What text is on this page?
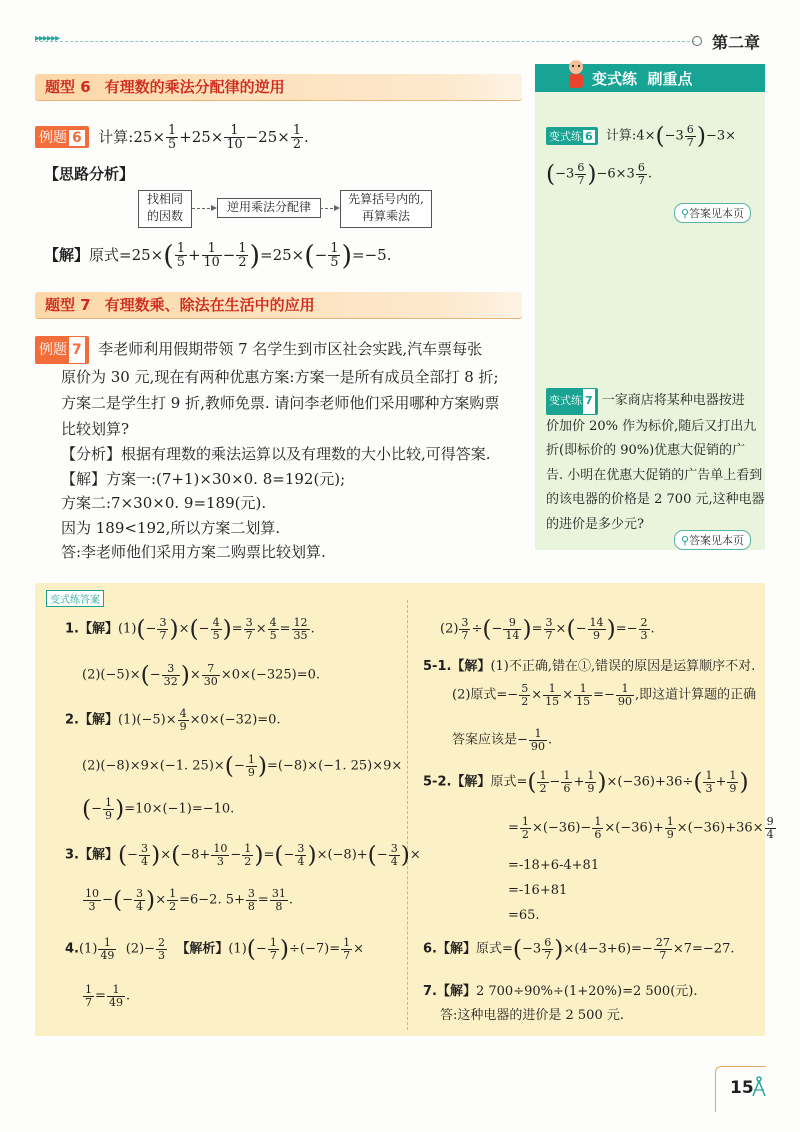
▸▸▸▸▸▸	第二章
题型 6 有理数的乘法分配律的逆用
例题 6 计算:25× $\frac{1}{5} +25\times \frac{1}{10} -25\times \frac{1}{2}$ .
【思路分析】
找相同
的因数
逆用乘法分配律
先算括号内的,
再算乘法
【解】原式$=25\times( \frac{1}{5} + \frac{1}{10} - \frac{1}{2} )=25\times(- \frac{1}{5} )=-5$.
题型 7 有理数乘、除法在生活中的应用
例题 7 李老师利用假期带领 7 名学生到市区社会实践,汽车票每张
原价为 30 元,现在有两种优惠方案:方案一是所有成员全部打 8 折;
方案二是学生打 9 折,教师免票. 请问李老师他们采用哪种方案购票
比较划算?
【分析】根据有理数的乘法运算以及有理数的大小比较,可得答案.
【解】方案一:(7+1)×30×0. 8=192(元);
方案二:7×30×0. 9=189(元).
因为 189<192,所以方案二划算.
答:李老师他们采用方案二购票比较划算.
变式练  刷重点
变式练 6 计算:4×(−3 $\frac{6}{7} )-3\times$
$(-3 \frac{6}{7} )-6\times 3 \frac{6}{7}$ .
⚲答案见本页
变式练 7 一家商店将某种电器按进
价加价 20% 作为标价,随后又打出九
折(即标价的 90%)优惠大促销的广
告. 小明在优惠大促销的广告单上看到
的该电器的价格是 2 700 元,这种电器
的进价是多少元?
⚲答案见本页
变式练答案
1.【解】$(1)(- \frac{3}{7}$ )×(− $\frac{4}{5}$ )= $\frac{3}{7} \times \frac{4}{5} = \frac{12}{35}$ .
$(2)(-5)\times(- \frac{3}{32}$ )× $\frac{7}{30} \times 0\times(-325)=0$.
2.【解】$(1)(-5)\times \frac{4}{9} \times 0\times(-32)=0$.
(2)(−8)×9×(−1. $25)\times(- \frac{1}{9} )=(-8)\times(-1$. 25)×9×
(− $\frac{1}{9} )=10\times(-1)=-10$.
3.【解】(− $\frac{3}{4} )\times(-8+ \frac{10}{3} - \frac{1}{2}$ )=(− $\frac{3}{4} )\times(-8)+(- \frac{3}{4}$ )×
$\frac{10}{3}$ −(− $\frac{3}{4}$ )× $\frac{1}{2} =6-2$. $5+ \frac{3}{8} = \frac{31}{8}$ .
$4.(1) \frac{1}{49} (2)- \frac{2}{3}$ 【解析】$(1)(- \frac{1}{7} )\div(-7)= \frac{1}{7}$ ×
$\frac{1}{7} = \frac{1}{49}$ .
$(2) \frac{3}{7}$ ÷(− $\frac{9}{14}$ )= $\frac{3}{7}$ ×(− $\frac{14}{9}$ )=− $\frac{2}{3}$ .
5-1.【解】(1)不正确,错在①,错误的原因是运算顺序不对.
(2)原式=− $\frac{5}{2} \times \frac{1}{15} \times \frac{1}{15} =- \frac{1}{90}$ ,即这道计算题的正确
答案应该是− $\frac{1}{90}$ .
5-2.【解】原式=( $\frac{1}{2} - \frac{1}{6} + \frac{1}{9} )\times(-36)+36\div( \frac{1}{3} + \frac{1}{9}$ )
= $\frac{1}{2} \times(-36)- \frac{1}{6} \times(-36)+ \frac{1}{9} \times(-36)+36\times \frac{9}{4}$
=-18+6-4+81
=-16+81
=65.
6.【解】原式$=(-3 \frac{6}{7} )\times(4-3+6)=- \frac{27}{7} \times 7=-27$.
7.【解】2 700÷90%÷(1+20%)=2 500(元).
答:这种电器的进价是 2 500 元.
15
